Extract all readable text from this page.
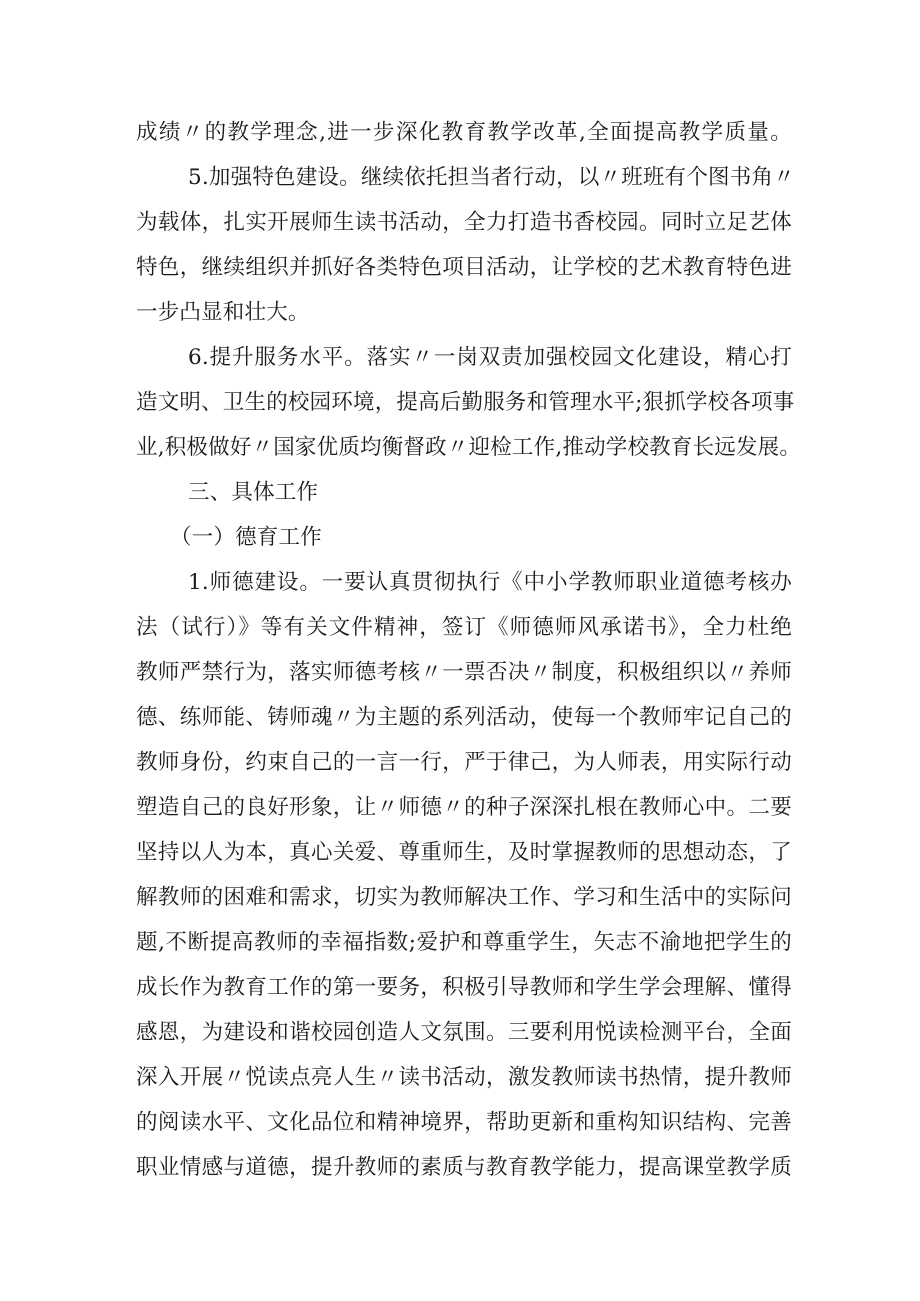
成绩〃的教学理念,进一步深化教育教学改革,全面提高教学质量。
5.加强特色建设。继续依托担当者行动，以〃班班有个图书角〃
为载体，扎实开展师生读书活动，全力打造书香校园。同时立足艺体
特色，继续组织并抓好各类特色项目活动，让学校的艺术教育特色进
一步凸显和壮大。
6.提升服务水平。落实〃一岗双责加强校园文化建设，精心打
造文明、卫生的校园环境，提高后勤服务和管理水平;狠抓学校各项事
业,积极做好〃国家优质均衡督政〃迎检工作,推动学校教育长远发展。
三、具体工作
（一）德育工作
1.师德建设。一要认真贯彻执行《中小学教师职业道德考核办
法（试行）》等有关文件精神，签订《师德师风承诺书》，全力杜绝
教师严禁行为，落实师德考核〃一票否决〃制度，积极组织以〃养师
德、练师能、铸师魂〃为主题的系列活动，使每一个教师牢记自己的
教师身份，约束自己的一言一行，严于律己，为人师表，用实际行动
塑造自己的良好形象，让〃师德〃的种子深深扎根在教师心中。二要
坚持以人为本，真心关爱、尊重师生，及时掌握教师的思想动态，了
解教师的困难和需求，切实为教师解决工作、学习和生活中的实际问
题,不断提高教师的幸福指数;爱护和尊重学生，矢志不渝地把学生的
成长作为教育工作的第一要务，积极引导教师和学生学会理解、懂得
感恩，为建设和谐校园创造人文氛围。三要利用悦读检测平台，全面
深入开展〃悦读点亮人生〃读书活动，激发教师读书热情，提升教师
的阅读水平、文化品位和精神境界，帮助更新和重构知识结构、完善
职业情感与道德，提升教师的素质与教育教学能力，提高课堂教学质
